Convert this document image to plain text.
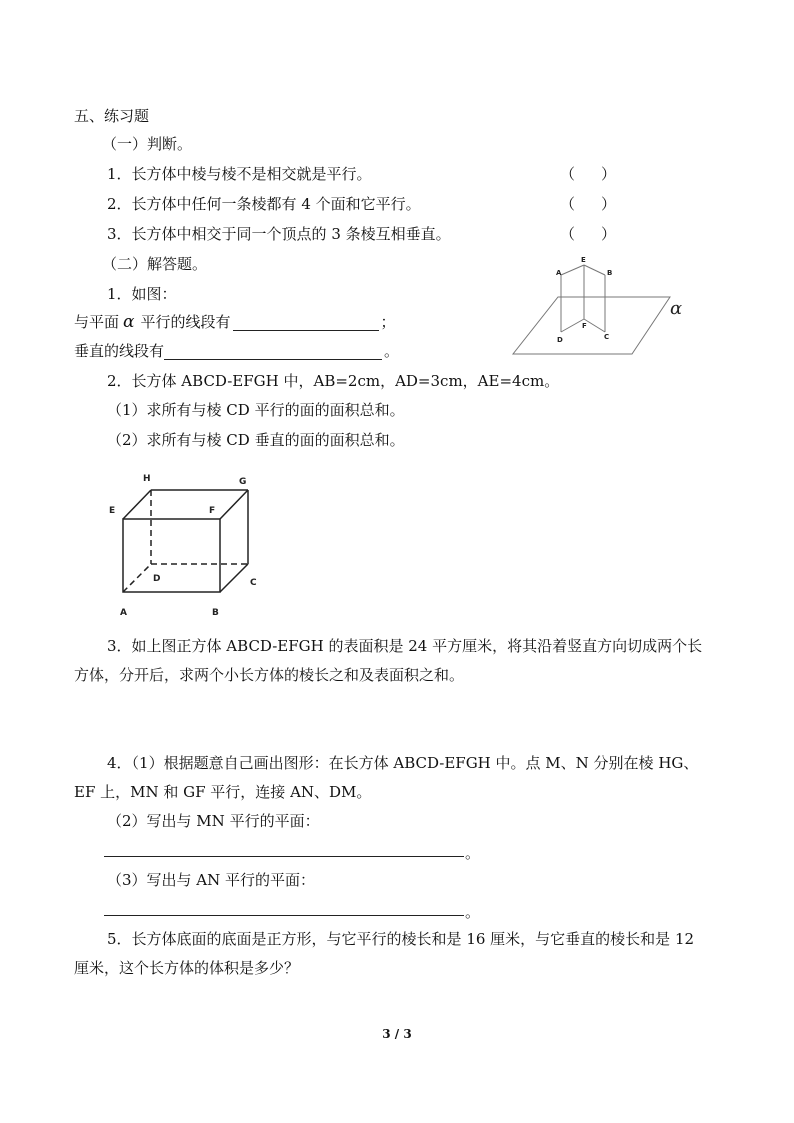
五、练习题
（一）判断。
1．长方体中棱与棱不是相交就是平行。	（ ）
2．长方体中任何一条棱都有 4 个面和它平行。	（ ）
3．长方体中相交于同一个顶点的 3 条棱互相垂直。	（ ）
（二）解答题。
1．如图：
与平面 α 平行的线段有	；
垂直的线段有	。
A
E
B
F
D	C
α
2．长方体 ABCD-EFGH 中，AB=2cm，AD=3cm，AE=4cm。
（1）求所有与棱 CD 平行的面的面积总和。
（2）求所有与棱 CD 垂直的面的面积总和。
H	G
E	F
D	C
A	B
3．如上图正方体 ABCD-EFGH 的表面积是 24 平方厘米，将其沿着竖直方向切成两个长
方体，分开后，求两个小长方体的棱长之和及表面积之和。
4．（1）根据题意自己画出图形：在长方体 ABCD-EFGH 中。点 M、N 分别在棱 HG、
EF 上，MN 和 GF 平行，连接 AN、DM。
（2）写出与 MN 平行的平面：
。
（3）写出与 AN 平行的平面：
。
5．长方体底面的底面是正方形，与它平行的棱长和是 16 厘米，与它垂直的棱长和是 12
厘米，这个长方体的体积是多少？
3 / 3
